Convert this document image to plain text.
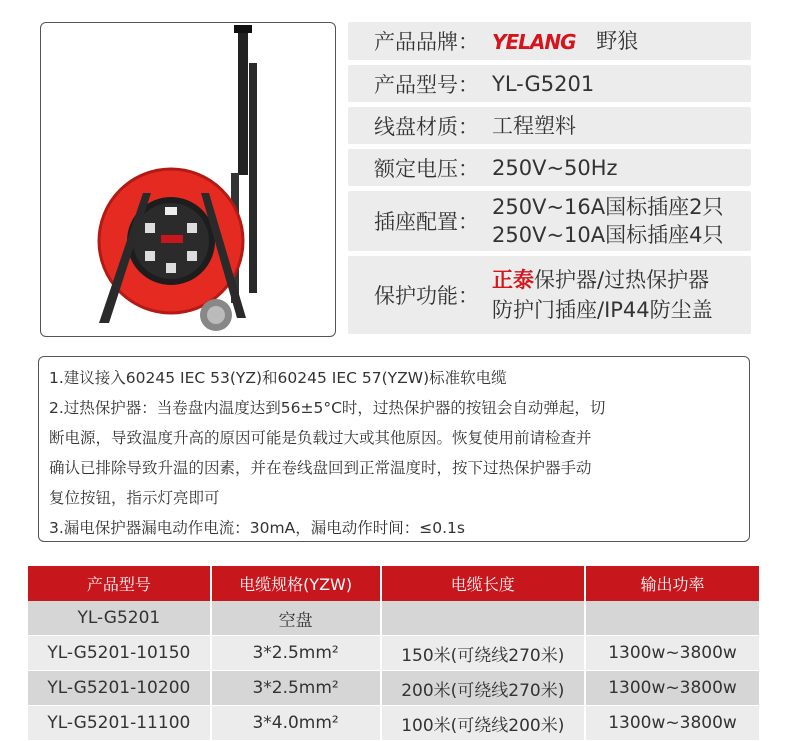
产品品牌： YELANG 野狼
产品型号： YL-G5201
线盘材质： 工程塑料
额定电压： 250V~50Hz
插座配置：
250V~16A国标插座2只
250V~10A国标插座4只
保护功能：
正泰保护器/过热保护器
防护门插座/IP44防尘盖

1.建议接入60245 IEC 53(YZ)和60245 IEC 57(YZW)标准软电缆

2.过热保护器：当卷盘内温度达到56±5°C时，过热保护器的按钮会自动弹起，切

断电源，导致温度升高的原因可能是负载过大或其他原因。恢复使用前请检查并

确认已排除导致升温的因素，并在卷线盘回到正常温度时，按下过热保护器手动

复位按钮，指示灯亮即可

3.漏电保护器漏电动作电流：30mA，漏电动作时间：≤0.1s

产品型号	电缆规格(YZW)	电缆长度	输出功率
YL-G5201	空盘		
YL-G5201-10150	3*2.5mm²	150米(可绕线270米)	1300w~3800w
YL-G5201-10200	3*2.5mm²	200米(可绕线270米)	1300w~3800w
YL-G5201-11100	3*4.0mm²	100米(可绕线200米)	1300w~3800w
